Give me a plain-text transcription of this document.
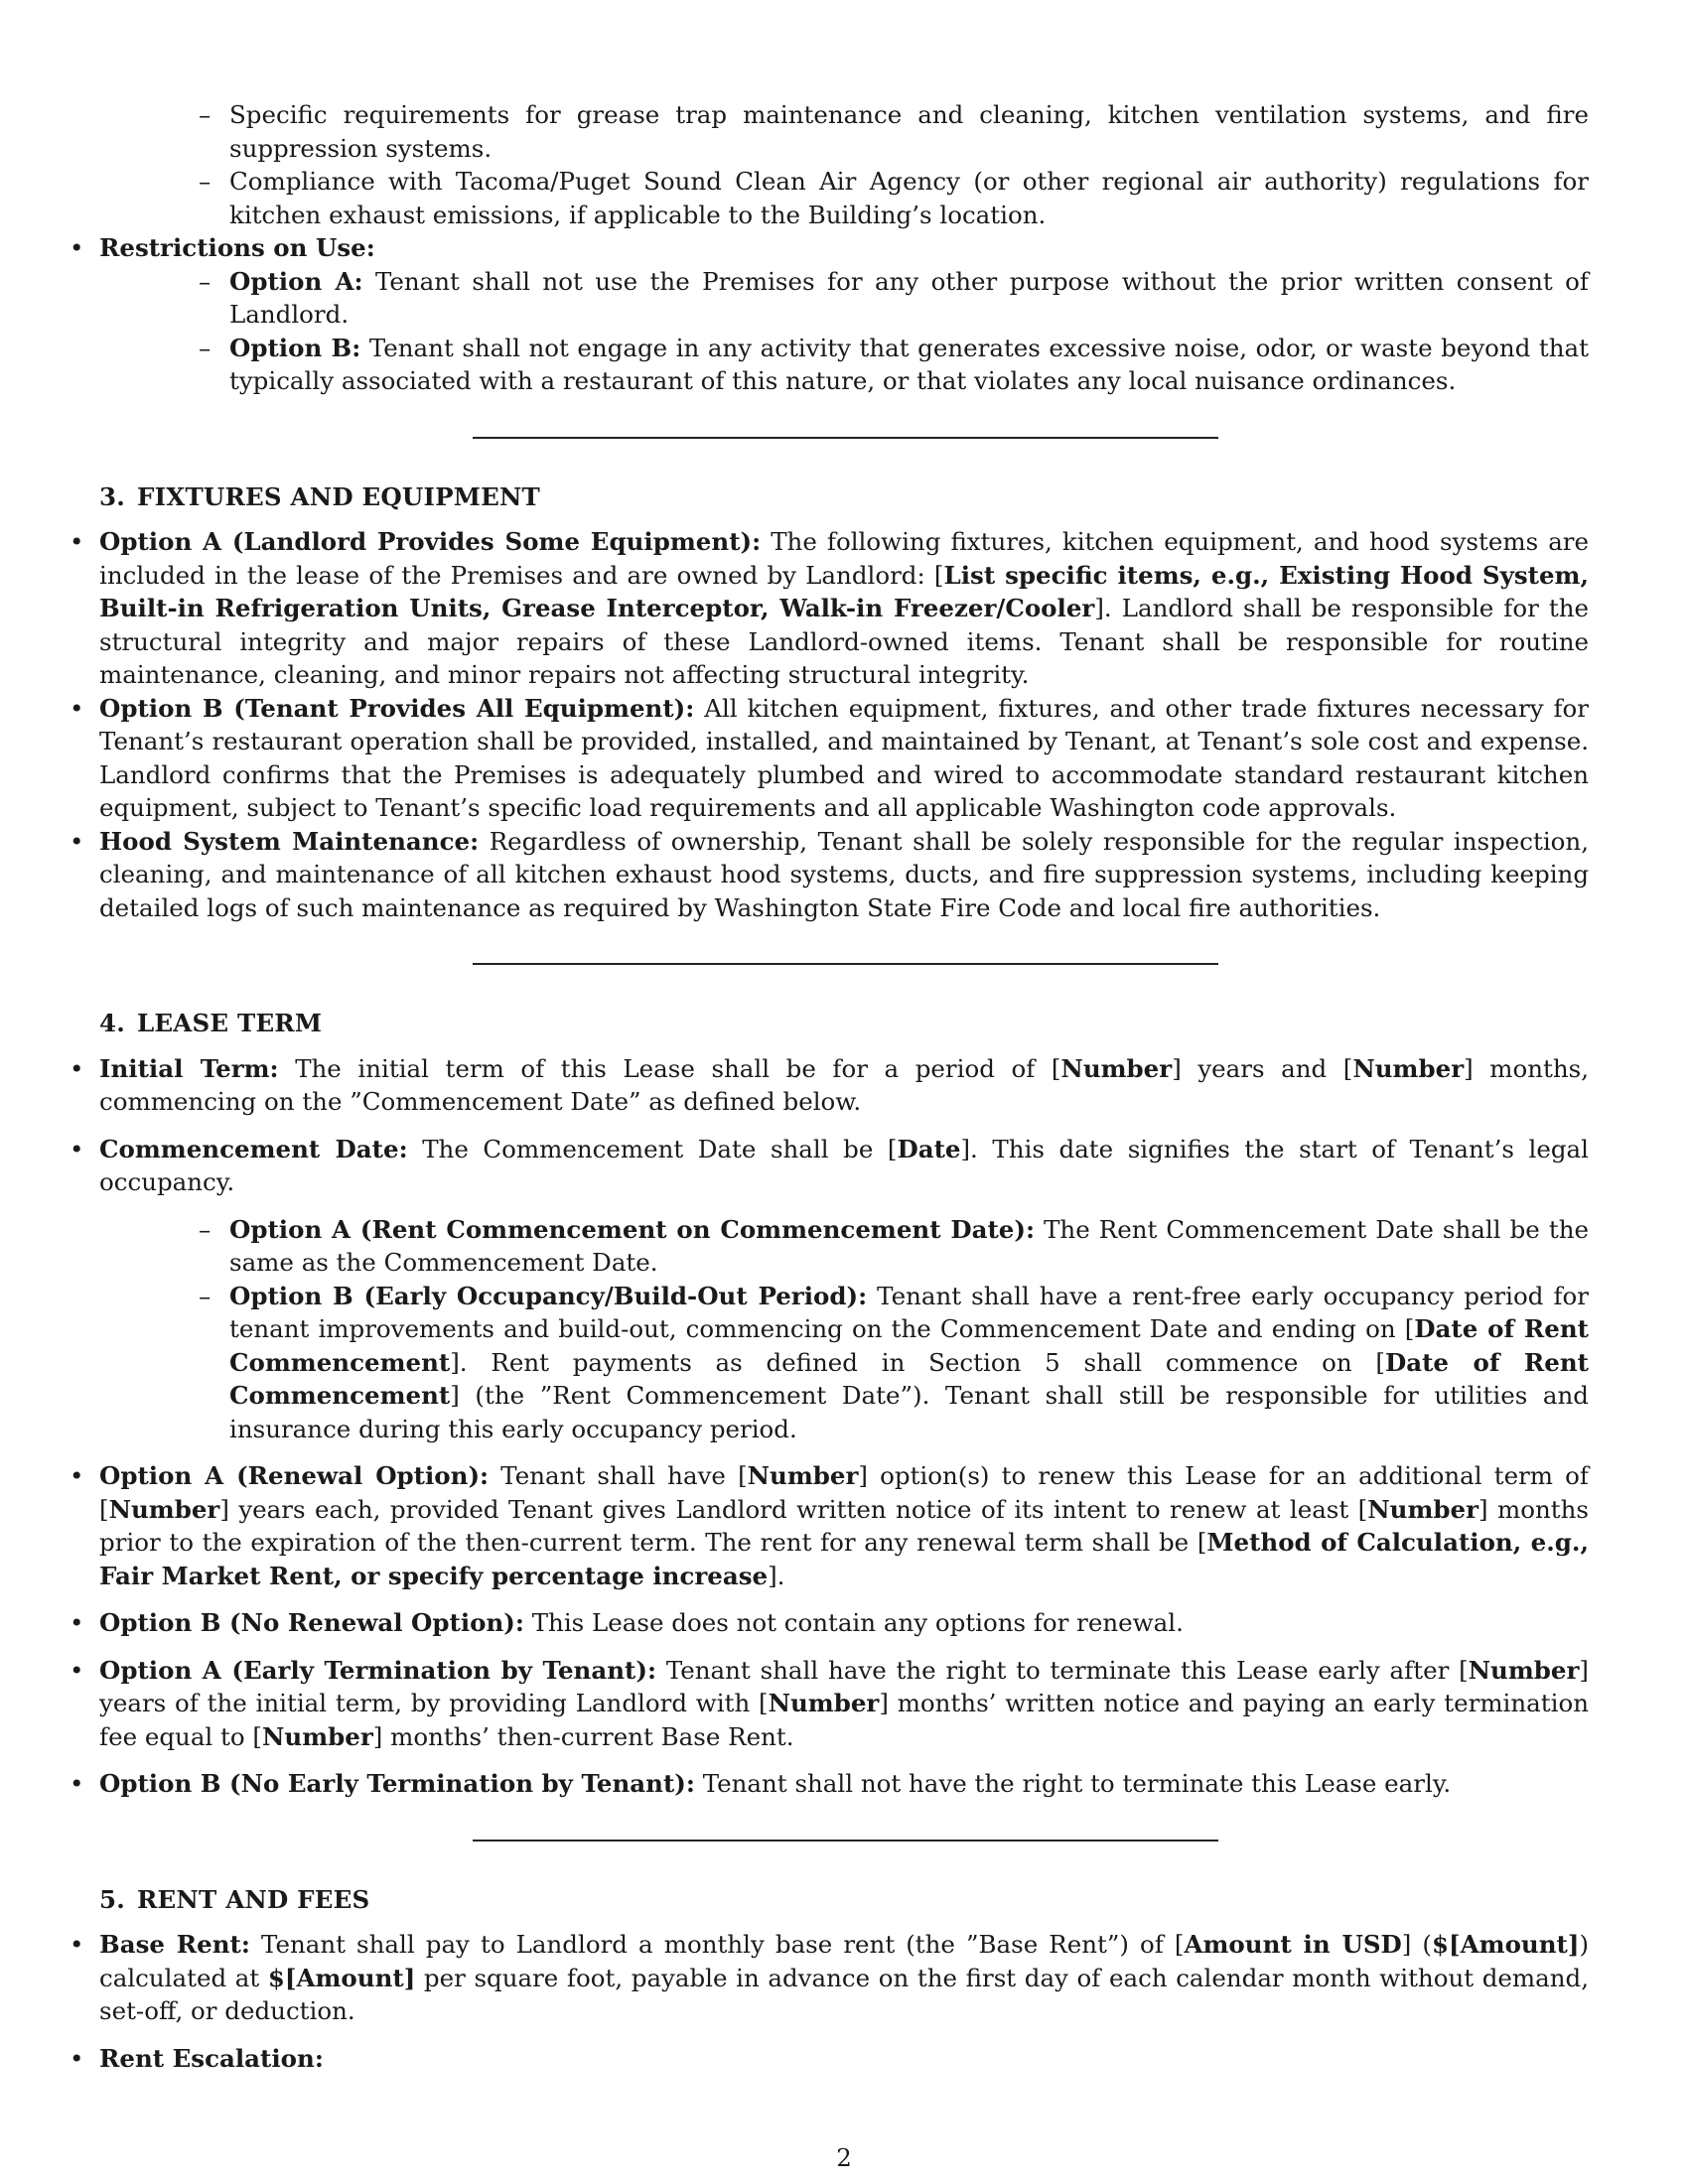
– Specific requirements for grease trap maintenance and cleaning, kitchen ventilation systems, and fire suppression systems.
– Compliance with Tacoma/Puget Sound Clean Air Agency (or other regional air authority) regulations for kitchen exhaust emissions, if applicable to the Building’s location.
• Restrictions on Use:
– Option A: Tenant shall not use the Premises for any other purpose without the prior written consent of Landlord.
– Option B: Tenant shall not engage in any activity that generates excessive noise, odor, or waste beyond that typically associated with a restaurant of this nature, or that violates any local nuisance ordinances.
3. FIXTURES AND EQUIPMENT
• Option A (Landlord Provides Some Equipment): The following fixtures, kitchen equipment, and hood systems are included in the lease of the Premises and are owned by Landlord: [List specific items, e.g., Existing Hood System, Built-in Refrigeration Units, Grease Interceptor, Walk-in Freezer/Cooler]. Landlord shall be responsible for the structural integrity and major repairs of these Landlord-owned items. Tenant shall be responsible for routine maintenance, cleaning, and minor repairs not affecting structural integrity.
• Option B (Tenant Provides All Equipment): All kitchen equipment, fixtures, and other trade fixtures necessary for Tenant’s restaurant operation shall be provided, installed, and maintained by Tenant, at Tenant’s sole cost and expense. Landlord confirms that the Premises is adequately plumbed and wired to accommodate standard restaurant kitchen equipment, subject to Tenant’s specific load requirements and all applicable Washington code approvals.
• Hood System Maintenance: Regardless of ownership, Tenant shall be solely responsible for the regular inspection, cleaning, and maintenance of all kitchen exhaust hood systems, ducts, and fire suppression systems, including keeping detailed logs of such maintenance as required by Washington State Fire Code and local fire authorities.
4. LEASE TERM
• Initial Term: The initial term of this Lease shall be for a period of [Number] years and [Number] months, commencing on the ”Commencement Date” as defined below.
• Commencement Date: The Commencement Date shall be [Date]. This date signifies the start of Tenant’s legal occupancy.
– Option A (Rent Commencement on Commencement Date): The Rent Commencement Date shall be the same as the Commencement Date.
– Option B (Early Occupancy/Build-Out Period): Tenant shall have a rent-free early occupancy period for tenant improvements and build-out, commencing on the Commencement Date and ending on [Date of Rent Commencement]. Rent payments as defined in Section 5 shall commence on [Date of Rent Commencement] (the ”Rent Commencement Date”). Tenant shall still be responsible for utilities and insurance during this early occupancy period.
• Option A (Renewal Option): Tenant shall have [Number] option(s) to renew this Lease for an additional term of [Number] years each, provided Tenant gives Landlord written notice of its intent to renew at least [Number] months prior to the expiration of the then-current term. The rent for any renewal term shall be [Method of Calculation, e.g., Fair Market Rent, or specify percentage increase].
• Option B (No Renewal Option): This Lease does not contain any options for renewal.
• Option A (Early Termination by Tenant): Tenant shall have the right to terminate this Lease early after [Number] years of the initial term, by providing Landlord with [Number] months’ written notice and paying an early termination fee equal to [Number] months’ then-current Base Rent.
• Option B (No Early Termination by Tenant): Tenant shall not have the right to terminate this Lease early.
5. RENT AND FEES
• Base Rent: Tenant shall pay to Landlord a monthly base rent (the ”Base Rent”) of [Amount in USD] ($[Amount]) calculated at $[Amount] per square foot, payable in advance on the first day of each calendar month without demand, set-off, or deduction.
• Rent Escalation:
2
